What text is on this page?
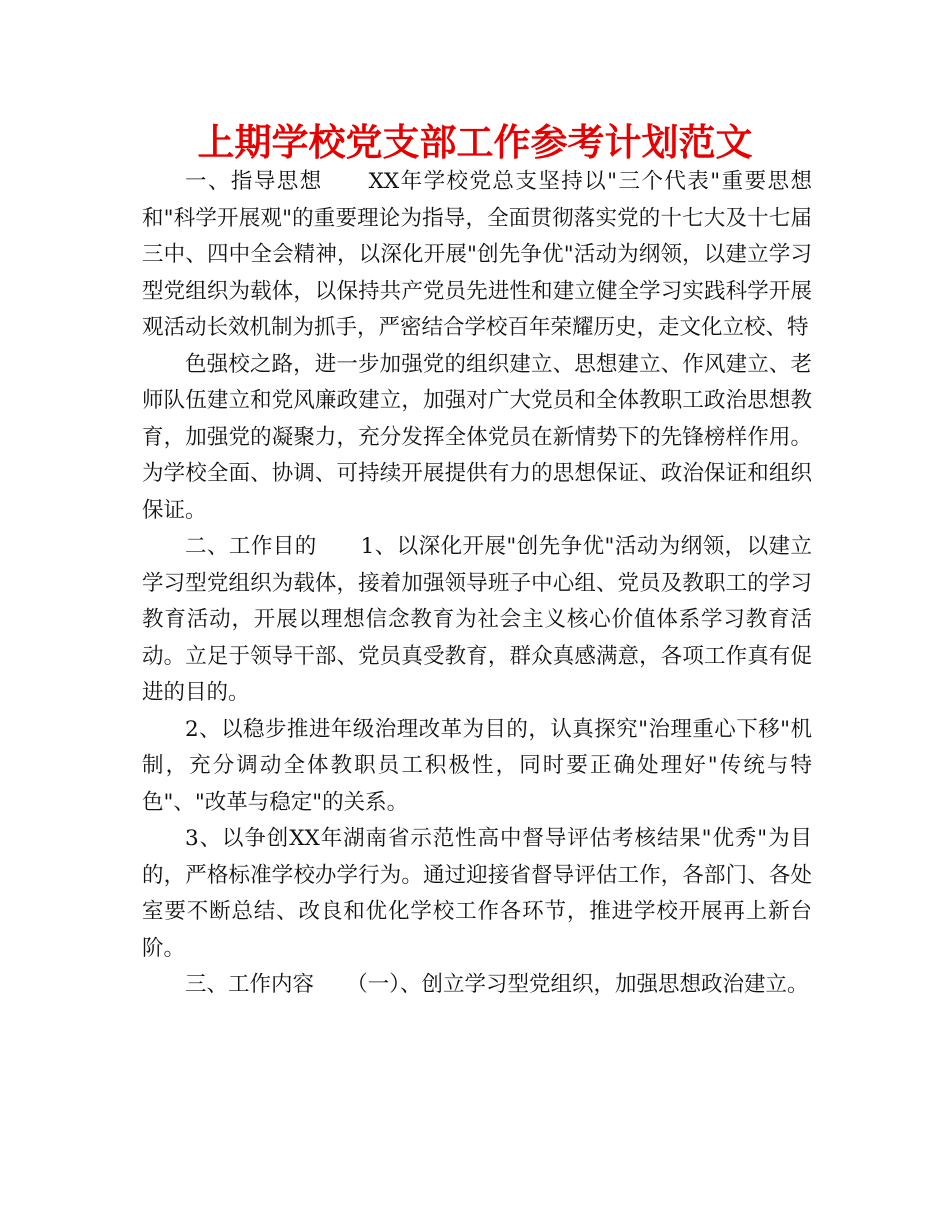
上期学校党支部工作参考计划范文

一、指导思想　　XX年学校党总支坚持以"三个代表"重要思想和"科学开展观"的重要理论为指导，全面贯彻落实党的十七大及十七届三中、四中全会精神，以深化开展"创先争优"活动为纲领，以建立学习型党组织为载体，以保持共产党员先进性和建立健全学习实践科学开展观活动长效机制为抓手，严密结合学校百年荣耀历史，走文化立校、特

色强校之路，进一步加强党的组织建立、思想建立、作风建立、老师队伍建立和党风廉政建立，加强对广大党员和全体教职工政治思想教育，加强党的凝聚力，充分发挥全体党员在新情势下的先锋榜样作用。为学校全面、协调、可持续开展提供有力的思想保证、政治保证和组织保证。

二、工作目的　　1、以深化开展"创先争优"活动为纲领，以建立学习型党组织为载体，接着加强领导班子中心组、党员及教职工的学习教育活动，开展以理想信念教育为社会主义核心价值体系学习教育活动。立足于领导干部、党员真受教育，群众真感满意，各项工作真有促进的目的。

2、以稳步推进年级治理改革为目的，认真探究"治理重心下移"机制，充分调动全体教职员工积极性，同时要正确处理好"传统与特色"、"改革与稳定"的关系。

3、以争创XX年湖南省示范性高中督导评估考核结果"优秀"为目的，严格标准学校办学行为。通过迎接省督导评估工作，各部门、各处室要不断总结、改良和优化学校工作各环节，推进学校开展再上新台阶。

三、工作内容　　（一）、创立学习型党组织，加强思想政治建立。
